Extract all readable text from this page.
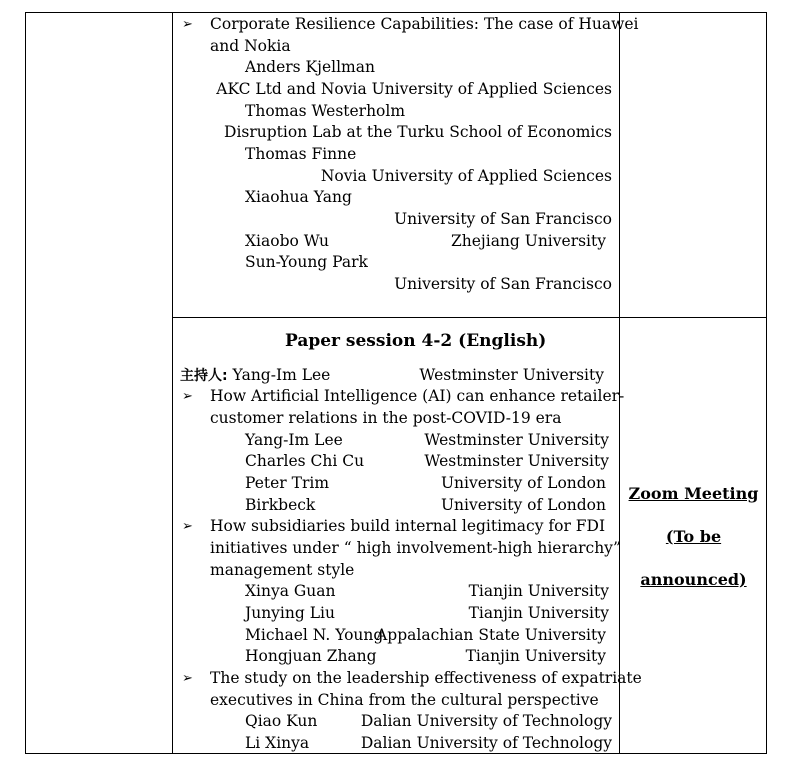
➢ Corporate Resilience Capabilities: The case of Huawei
and Nokia
Anders Kjellman
AKC Ltd and Novia University of Applied Sciences
Thomas Westerholm
Disruption Lab at the Turku School of Economics
Thomas Finne
Novia University of Applied Sciences
Xiaohua Yang
University of San Francisco
Xiaobo Wu	Zhejiang University
Sun-Young Park
University of San Francisco
Paper session 4-2 (English)
主持人: Yang-Im Lee	Westminster University
➢ How Artificial Intelligence (AI) can enhance retailer-
customer relations in the post-COVID-19 era
Yang-Im Lee	Westminster University
Charles Chi Cu	Westminster University
Peter Trim	University of London
Birkbeck	University of London
➢ How subsidiaries build internal legitimacy for FDI
initiatives under “ high involvement-high hierarchy”
management style
Xinya Guan	Tianjin University
Junying Liu	Tianjin University
Michael N. Young
Appalachian State University
Hongjuan Zhang	Tianjin University
➢ The study on the leadership effectiveness of expatriate
executives in China from the cultural perspective
Qiao Kun	Dalian University of Technology
Li Xinya	Dalian University of Technology
Zoom Meeting
(To be
announced)
